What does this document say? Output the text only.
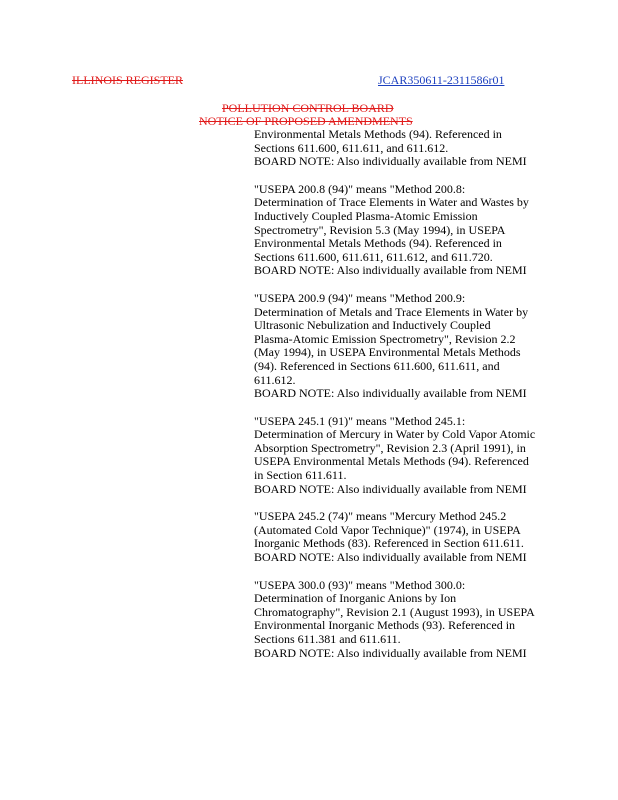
ILLINOIS REGISTER	JCAR350611-2311586r01
POLLUTION CONTROL BOARD
NOTICE OF PROPOSED AMENDMENTS
Environmental Metals Methods (94). Referenced in
Sections 611.600, 611.611, and 611.612.
BOARD NOTE: Also individually available from NEMI
"USEPA 200.8 (94)" means "Method 200.8:
Determination of Trace Elements in Water and Wastes by
Inductively Coupled Plasma-Atomic Emission
Spectrometry", Revision 5.3 (May 1994), in USEPA
Environmental Metals Methods (94). Referenced in
Sections 611.600, 611.611, 611.612, and 611.720.
BOARD NOTE: Also individually available from NEMI
"USEPA 200.9 (94)" means "Method 200.9:
Determination of Metals and Trace Elements in Water by
Ultrasonic Nebulization and Inductively Coupled
Plasma-Atomic Emission Spectrometry", Revision 2.2
(May 1994), in USEPA Environmental Metals Methods
(94). Referenced in Sections 611.600, 611.611, and
611.612.
BOARD NOTE: Also individually available from NEMI
"USEPA 245.1 (91)" means "Method 245.1:
Determination of Mercury in Water by Cold Vapor Atomic
Absorption Spectrometry", Revision 2.3 (April 1991), in
USEPA Environmental Metals Methods (94). Referenced
in Section 611.611.
BOARD NOTE: Also individually available from NEMI
"USEPA 245.2 (74)" means "Mercury Method 245.2
(Automated Cold Vapor Technique)" (1974), in USEPA
Inorganic Methods (83). Referenced in Section 611.611.
BOARD NOTE: Also individually available from NEMI
"USEPA 300.0 (93)" means "Method 300.0:
Determination of Inorganic Anions by Ion
Chromatography", Revision 2.1 (August 1993), in USEPA
Environmental Inorganic Methods (93). Referenced in
Sections 611.381 and 611.611.
BOARD NOTE: Also individually available from NEMI
